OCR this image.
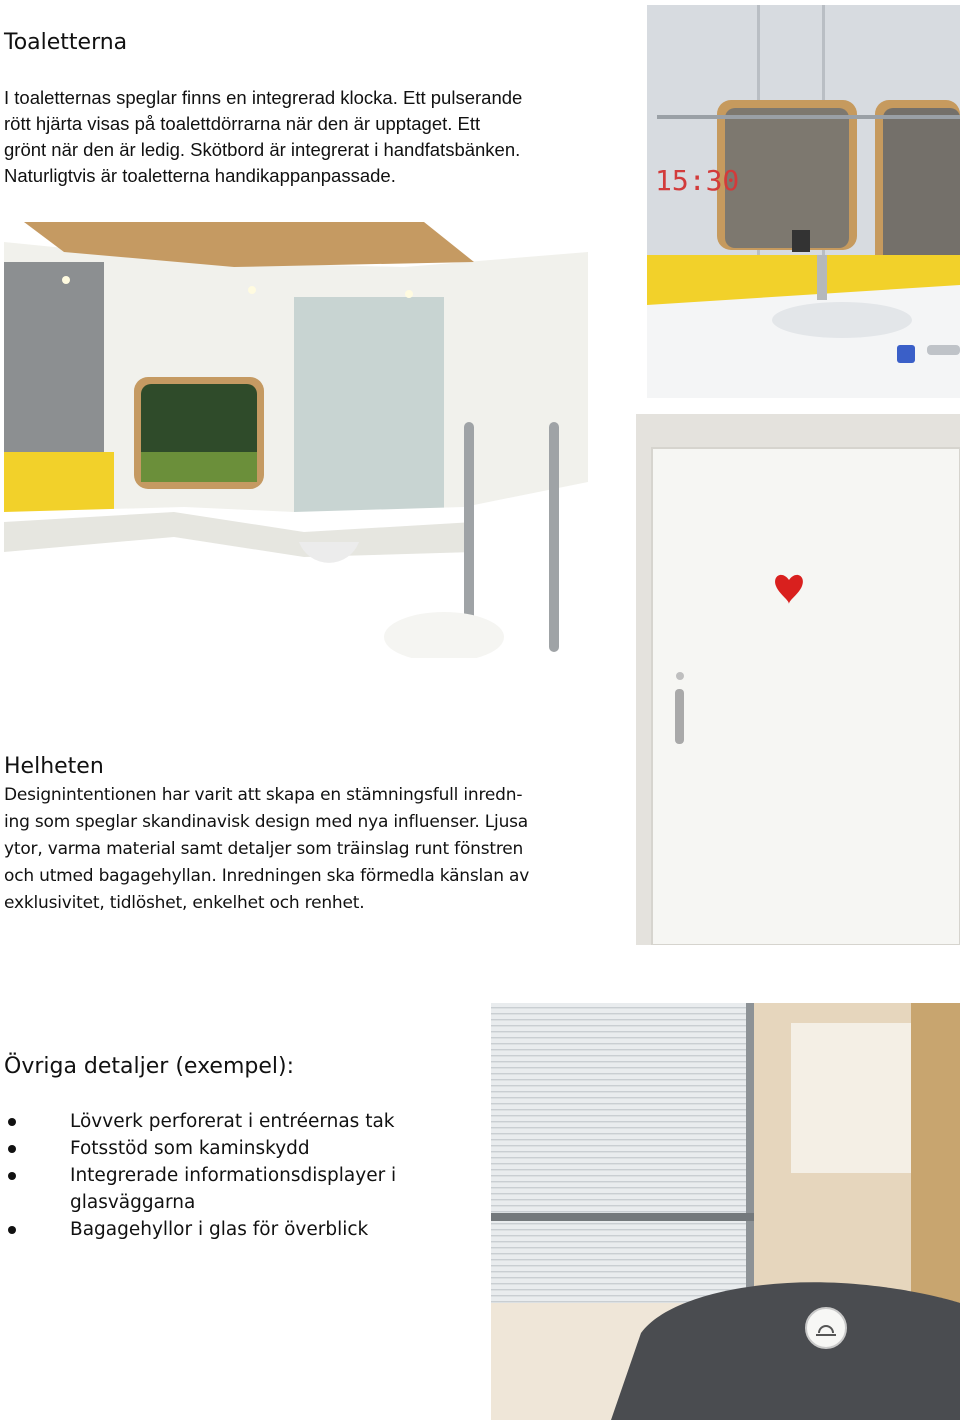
Toaletterna
I toaletternas speglar finns en integrerad klocka. Ett pulserande
rött hjärta visas på toalettdörrarna när den är upptaget. Ett
grönt när den är ledig. Skötbord är integrerat i handfatsbänken.
Naturligtvis är toaletterna handikappanpassade.	15:30
Helheten
Designintentionen har varit att skapa en stämningsfull inredn-
ing som speglar skandinavisk design med nya influenser. Ljusa
ytor, varma material samt detaljer som träinslag runt fönstren
och utmed bagagehyllan. Inredningen ska förmedla känslan av
exklusivitet, tidlöshet, enkelhet och renhet.
Övriga detaljer (exempel):
Lövverk perforerat i entréernas tak
Fotsstöd som kaminskydd
Integrerade informationsdisplayer i
glasväggarna
Bagagehyllor i glas för överblick
